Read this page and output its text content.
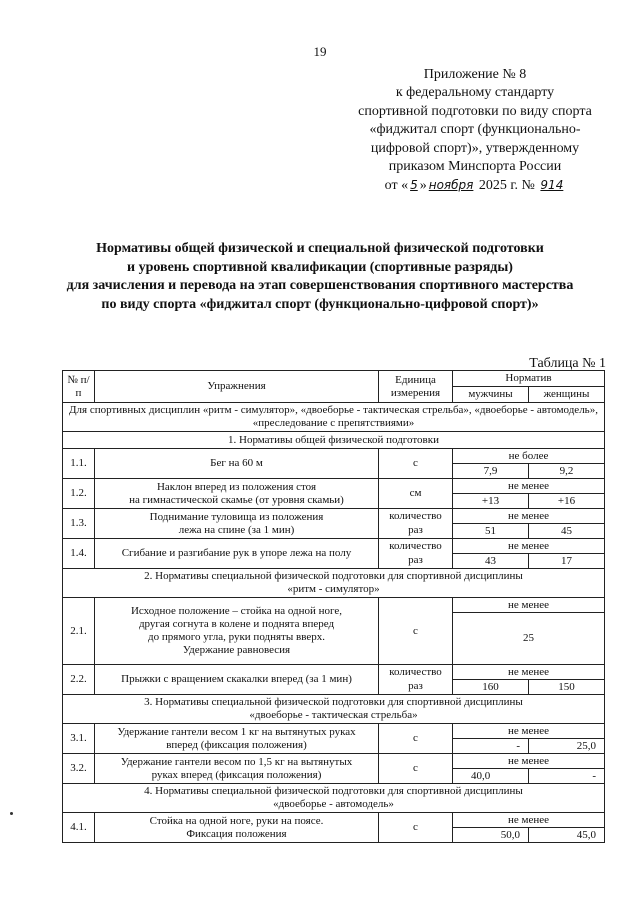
19
Приложение № 8
к федеральному стандарту
спортивной подготовки по виду спорта
«фиджитал спорт (функционально-
цифровой спорт)», утвержденному
приказом Минспорта России
от « 5 » ноября 2025 г. № 914
Нормативы общей физической и специальной физической подготовки
и уровень спортивной квалификации (спортивные разряды)
для зачисления и перевода на этап совершенствования спортивного мастерства
по виду спорта «фиджитал спорт (функционально-цифровой спорт)»
Таблица № 1
№ п/п	Упражнения	Единица измерения	Норматив	
			мужчины	женщины
Для спортивных дисциплин «ритм - симулятор», «двоеборье - тактическая стрельба», «двоеборье - автомодель», «преследование с препятствиями»				
1. Нормативы общей физической подготовки				
1.1.	Бег на 60 м	с	не более	
			7,9	9,2
1.2.	Наклон вперед из положения стоя
на гимнастической скамье (от уровня скамьи)	см	не менее	
			+13	+16
1.3.	Поднимание туловища из положения
лежа на спине (за 1 мин)	количество	не менее	
		раз	51	45
1.4.	Сгибание и разгибание рук в упоре лежа на полу	количество	не менее	
		раз	43	17

2. Нормативы специальной физической подготовки для спортивной дисциплины
«ритм - симулятор»				

2.1.	Исходное положение – стойка на одной ноге,
другая согнута в колене и поднята вперед
до прямого угла, руки подняты вверх.
Удержание равновесия	с	не менее	
			25	
2.2.	Прыжки с вращением скакалки вперед (за 1 мин)	количество	не менее	
		раз	160	150

3. Нормативы специальной физической подготовки для спортивной дисциплины
«двоеборье - тактическая стрельба»				

3.1.	Удержание гантели весом 1 кг на вытянутых руках
вперед (фиксация положения)	с	не менее	
			-	25,0
3.2.	Удержание гантели весом по 1,5 кг на вытянутых
руках вперед (фиксация положения)	с	не менее	
			40,0	-

4. Нормативы специальной физической подготовки для спортивной дисциплины
«двоеборье - автомодель»				

4.1.	Стойка на одной ноге, руки на поясе.
Фиксация положения	с	не менее	
			50,0	45,0
